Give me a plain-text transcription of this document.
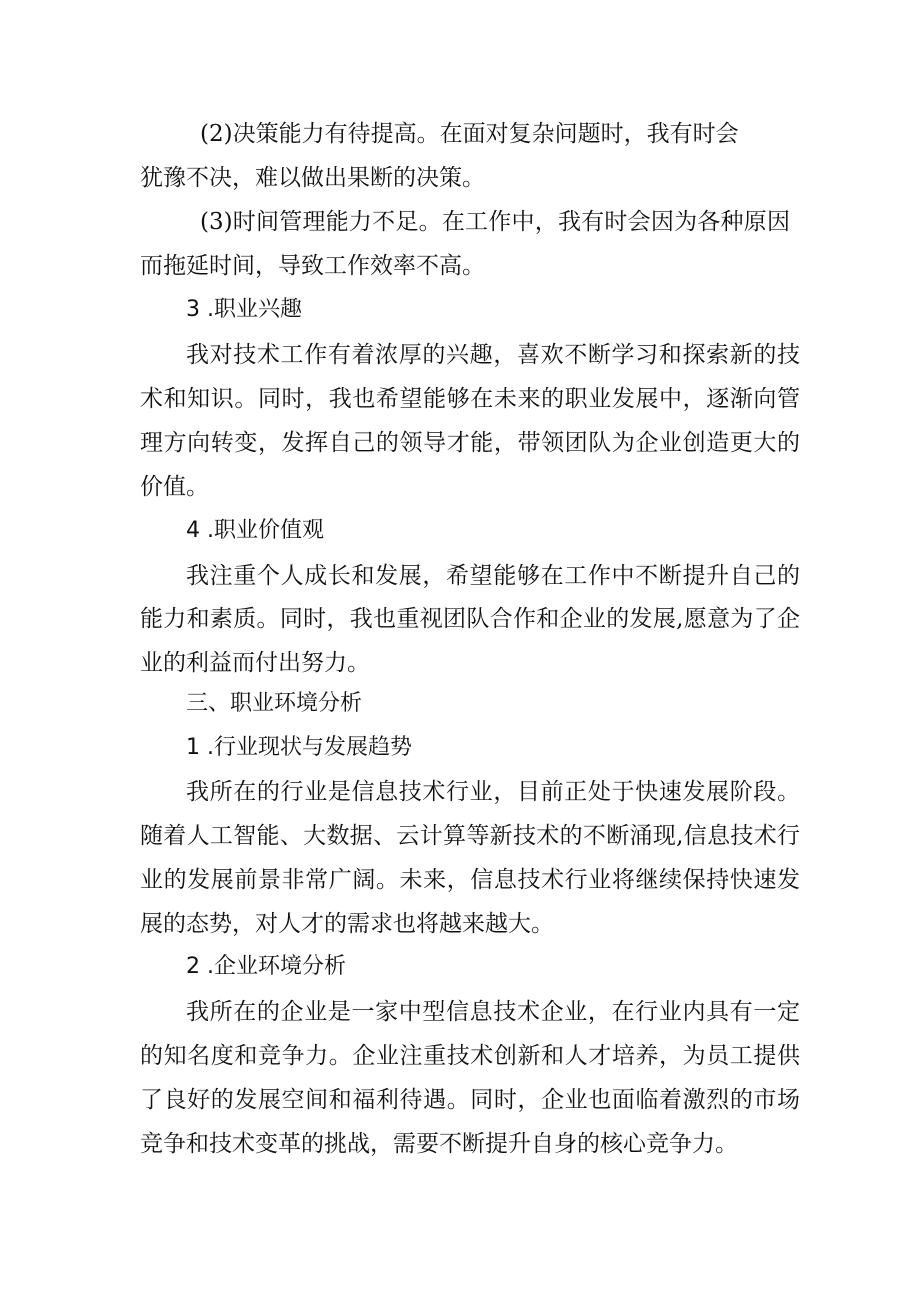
(2)决策能力有待提高。在面对复杂问题时，我有时会
犹豫不决，难以做出果断的决策。
(3)时间管理能力不足。在工作中，我有时会因为各种原因
而拖延时间，导致工作效率不高。
3 .职业兴趣
我对技术工作有着浓厚的兴趣，喜欢不断学习和探索新的技
术和知识。同时，我也希望能够在未来的职业发展中，逐渐向管
理方向转变，发挥自己的领导才能，带领团队为企业创造更大的
价值。
4 .职业价值观
我注重个人成长和发展，希望能够在工作中不断提升自己的
能力和素质。同时，我也重视团队合作和企业的发展,愿意为了企
业的利益而付出努力。
三、职业环境分析
1 .行业现状与发展趋势
我所在的行业是信息技术行业，目前正处于快速发展阶段。
随着人工智能、大数据、云计算等新技术的不断涌现,信息技术行
业的发展前景非常广阔。未来，信息技术行业将继续保持快速发
展的态势，对人才的需求也将越来越大。
2 .企业环境分析
我所在的企业是一家中型信息技术企业，在行业内具有一定
的知名度和竞争力。企业注重技术创新和人才培养，为员工提供
了良好的发展空间和福利待遇。同时，企业也面临着激烈的市场
竞争和技术变革的挑战，需要不断提升自身的核心竞争力。
